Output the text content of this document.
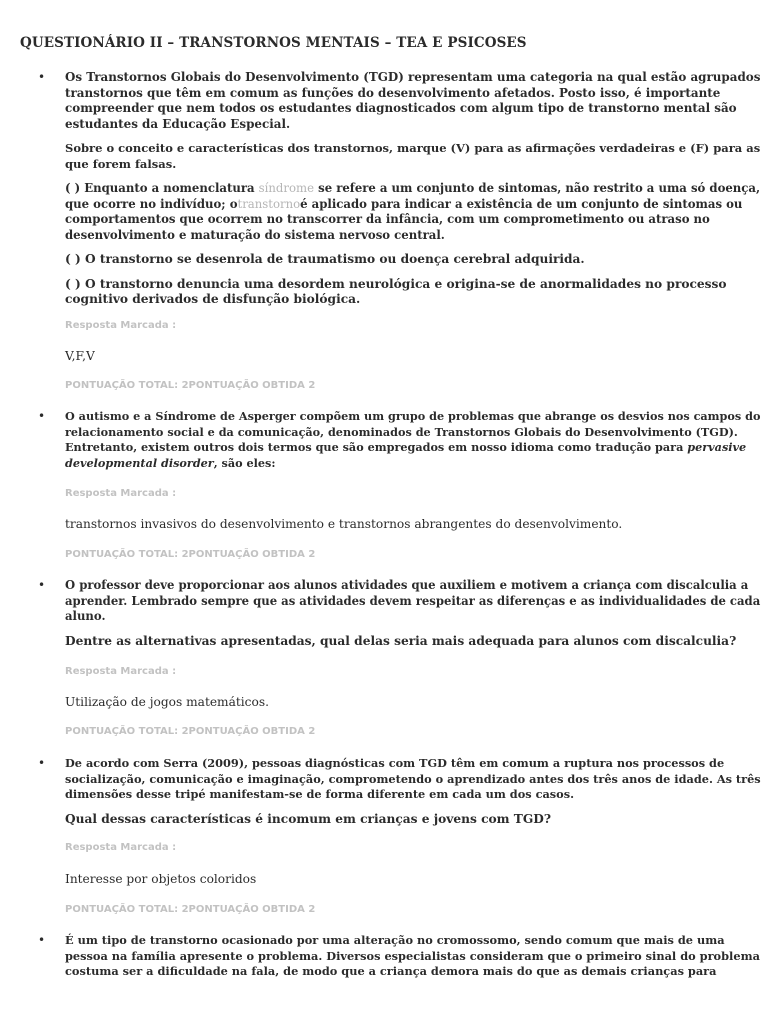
QUESTIONÁRIO II – TRANSTORNOS MENTAIS – TEA E PSICOSES
• Os Transtornos Globais do Desenvolvimento (TGD) representam uma categoria na qual estão agrupados
transtornos que têm em comum as funções do desenvolvimento afetados. Posto isso, é importante
compreender que nem todos os estudantes diagnosticados com algum tipo de transtorno mental são
estudantes da Educação Especial.

Sobre o conceito e características dos transtornos, marque (V) para as afirmações verdadeiras e (F) para as
que forem falsas.

( ) Enquanto a nomenclatura síndrome se refere a um conjunto de sintomas, não restrito a uma só doença,
que ocorre no indivíduo; otranstornoé aplicado para indicar a existência de um conjunto de sintomas ou
comportamentos que ocorrem no transcorrer da infância, com um comprometimento ou atraso no
desenvolvimento e maturação do sistema nervoso central.

( ) O transtorno se desenrola de traumatismo ou doença cerebral adquirida.

( ) O transtorno denuncia uma desordem neurológica e origina-se de anormalidades no processo
cognitivo derivados de disfunção biológica.

Resposta Marcada :

V,F,V

PONTUAÇÃO TOTAL: 2PONTUAÇÃO OBTIDA 2

• O autismo e a Síndrome de Asperger compõem um grupo de problemas que abrange os desvios nos campos do
relacionamento social e da comunicação, denominados de Transtornos Globais do Desenvolvimento (TGD).
Entretanto, existem outros dois termos que são empregados em nosso idioma como tradução para pervasive
developmental disorder, são eles:

Resposta Marcada :

transtornos invasivos do desenvolvimento e transtornos abrangentes do desenvolvimento.

PONTUAÇÃO TOTAL: 2PONTUAÇÃO OBTIDA 2

• O professor deve proporcionar aos alunos atividades que auxiliem e motivem a criança com discalculia a
aprender. Lembrado sempre que as atividades devem respeitar as diferenças e as individualidades de cada
aluno.

Dentre as alternativas apresentadas, qual delas seria mais adequada para alunos com discalculia?

Resposta Marcada :

Utilização de jogos matemáticos.

PONTUAÇÃO TOTAL: 2PONTUAÇÃO OBTIDA 2

• De acordo com Serra (2009), pessoas diagnósticas com TGD têm em comum a ruptura nos processos de
socialização, comunicação e imaginação, comprometendo o aprendizado antes dos três anos de idade. As três
dimensões desse tripé manifestam-se de forma diferente em cada um dos casos.

Qual dessas características é incomum em crianças e jovens com TGD?

Resposta Marcada :

Interesse por objetos coloridos

PONTUAÇÃO TOTAL: 2PONTUAÇÃO OBTIDA 2

• É um tipo de transtorno ocasionado por uma alteração no cromossomo, sendo comum que mais de uma
pessoa na família apresente o problema. Diversos especialistas consideram que o primeiro sinal do problema
costuma ser a dificuldade na fala, de modo que a criança demora mais do que as demais crianças para
